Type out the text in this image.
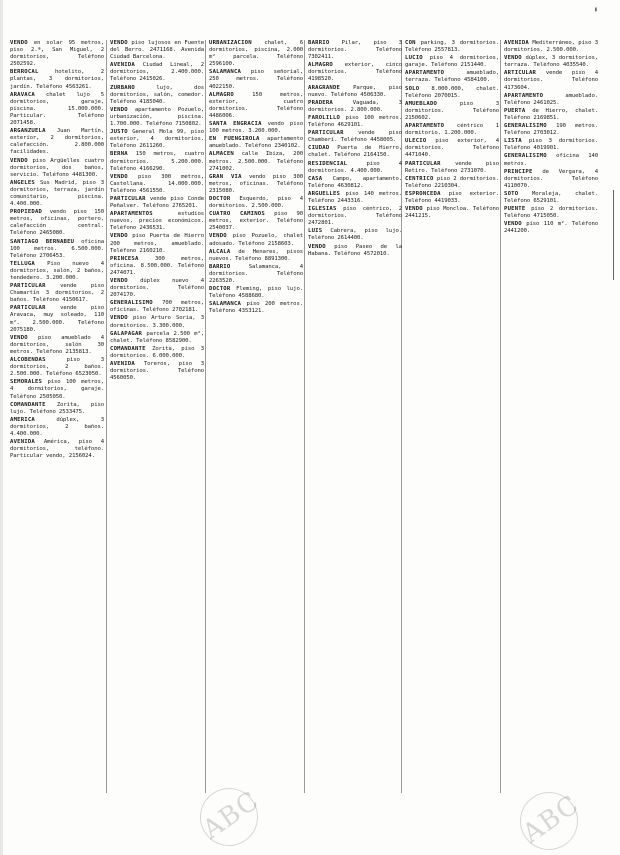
'

VENDO en solar 95 metros, piso 2.ª, San Miguel, 2 dormitorios, Teléfono 2502592.

BERROCAL	hotelito, 2 plantas, 3 dormitorios, jardín. Teléfono 4563261.

ARAVACA chalet lujo 5 dormitorios, garaje, piscina. 15.000.000. Particular. Teléfono 2071458.

ARGANZUELA Juan Martín, exterior, 2 dormitorios, calefacción. 2.800.000 facilidades.

VENDO piso Argüelles cuatro dormitorios, dos baños, servicio. Teléfono 4481300.

ANGELES Sus Madrid, piso 3 dormitorios, terraza, jardín comunitario, piscina. 4.400.000.

PROPIEDAD vendo piso 150 metros, oficinas, portero, calefacción central. Teléfono 2465080.

SANTIAGO BERNABEU oficina 100 metros. 6.500.000. Teléfono 2706453.

TELLUGA Piso nuevo 4 dormitorios, salón, 2 baños, tendedero. 3.200.000.

PARTICULAR	vende piso Chamartín 3 dormitorios, 2 baños. Teléfono 4150617.

PARTICULAR	vende piso Aravaca, muy soleado, 110 m². 2.500.000. Teléfono 2075180.

VENDO piso amueblado 4 dormitorios, salón 30 metros. Teléfono 2135813.

ALCOBENDAS	piso 3 dormitorios, 2 baños. 2.500.000. Teléfono 6523050.

SEMORALES piso 100 metros, 4 dormitorios, garaje. Teléfono 2505050.

COMANDANTE Zorita, piso lujo. Teléfono 2533475.

AMERICA	dúplex, 3 dormitorios, 2 baños. 4.400.000.

AVENIDA América, piso 4 dormitorios, teléfono. Particular vendo, 2156024.

VENDO piso lujosos en Fuente del Berro. 2471168. Avenida Ciudad Barcelona.

AVENIDA Ciudad Lineal, 2 dormitorios, 2.400.000. Teléfono 2415026.

ZURBANO	lujo, dos dormitorios, salón, comedor. Teléfono 4185040.

VENDO apartamento Pozuelo, urbanización, piscina. 1.700.000. Teléfono 7150802.

JUSTO General Mola 99, piso exterior, 4 dormitorios. Teléfono 2611260.

BERNA 150 metros, cuatro dormitorios. 5.200.000. Teléfono 4166290.

VENDO piso 300 metros, Castellana. 14.000.000. Teléfono 4561550.

PARTICULAR vende piso Conde Peñalver. Teléfono 2765201.

APARTAMENTOS	estudios nuevos, precios económicos. Teléfono 2436531.

VENDO piso Puerta de Hierro 200 metros, amueblado. Teléfono 2160210.

PRINCESA	300 metros, oficina. 8.500.000. Teléfono 2474071.

VENDO dúplex nuevo 4 dormitorios. Teléfono 2074170.

GENERALISIMO 700 metros, oficinas. Teléfono 2702181.

VENDO piso Arturo Soria, 3 dormitorios. 3.300.000.

GALAPAGAR parcela 2.500 m², chalet. Teléfono 8582900.

COMANDANTE Zorita, piso 3 dormitorios. 6.000.000.

AVENIDA Toreros, piso 3 dormitorios. Teléfono 4560050.

URBANIZACION chalet, 6 dormitorios, piscina, 2.000 m² parcela. Teléfono 2596100.

SALAMANCA piso señorial, 250 metros. Teléfono 4022150.

ALMAGRO	150 metros, exterior, cuatro dormitorios. Teléfono 4486006.

SANTA ENGRACIA vendo piso 100 metros. 3.200.000.

EN FUENGIROLA apartamento amueblado. Teléfono 2340102.

ALMACEN calle Ibiza, 200 metros. 2.500.000. Teléfono 2741002.

GRAN VIA vendo piso 300 metros, oficinas. Teléfono 2315080.

DOCTOR Esquerdo, piso 4 dormitorios. 2.500.000.

CUATRO CAMINOS piso 90 metros, exterior. Teléfono 2540037.

VENDO piso Pozuelo, chalet adosado. Teléfono 2158603.

ALCALA de Henares, pisos nuevos. Teléfono 8891300.

BARRIO	Salamanca, 4 dormitorios. Teléfono 2263520.

DOCTOR Fleming, piso lujo. Teléfono 4588680.

SALAMANCA piso 200 metros. Teléfono 4353121.

BARRIO Pilar, piso 3 dormitorios. Teléfono 7302411.

ALMAGRO exterior, cinco dormitorios. Teléfono 4198520.

ARAGRANDE Parque, piso nuevo. Teléfono 4506330.

PRADERA	Vaguada, 3 dormitorios. 2.800.000.

FAROLILLO piso 100 metros. Teléfono 4629101.

PARTICULAR	vende piso Chamberí. Teléfono 4458005.

CIUDAD Puerta de Hierro, chalet. Teléfono 2164150.

RESIDENCIAL	piso 4 dormitorios. 4.400.000.

CASA Campo, apartamento. Teléfono 4630812.

ARGUELLES piso 140 metros. Teléfono 2443316.

IGLESIAS piso céntrico, 2 dormitorios. Teléfono 2472801.

LUIS Cabrera, piso lujo. Teléfono 2614400.

VENDO piso Paseo de la Habana. Teléfono 4572010.

CON parking, 3 dormitorios. Teléfono 2557813.

LUCIO piso 4 dormitorios, garaje. Teléfono 2151440.

APARTAMENTO	amueblado, terraza. Teléfono 4584100.

SOLO 8.000.000, chalet. Teléfono 2070015.

AMUEBLADO	piso 3 dormitorios. Teléfono 2150602.

APARTAMENTO céntrico 1 dormitorio. 1.200.000.

ULECIO piso exterior, 4 dormitorios. Teléfono 4471040.

PARTICULAR	vende piso Retiro. Teléfono 2731070.

CENTRICO piso 2 dormitorios. Teléfono 2210304.

ESPRONCEDA piso exterior. Teléfono 4419033.

VENDO piso Moncloa. Teléfono 2441215.

AVENIDA Mediterráneo, piso 3 dormitorios. 2.500.000.

VENDO dúplex, 3 dormitorios, terraza. Teléfono 4035540.

ARTICULAR vende piso 4 dormitorios. Teléfono 4173604.

APARTAMENTO	amueblado. Teléfono 2461025.

PUERTA de Hierro, chalet. Teléfono 2169851.

GENERALISIMO 190 metros. Teléfono 2703012.

LISTA piso 3 dormitorios. Teléfono 4019901.

GENERALISIMO oficina 140 metros.

PRINCIPE de Vergara, 4 dormitorios. Teléfono 4110070.

SOTO Moraleja, chalet. Teléfono 6529101.

PUENTE piso 2 dormitorios. Teléfono 4715050.

VENDO piso 110 m². Teléfono 2441200.

ABC	ABC
